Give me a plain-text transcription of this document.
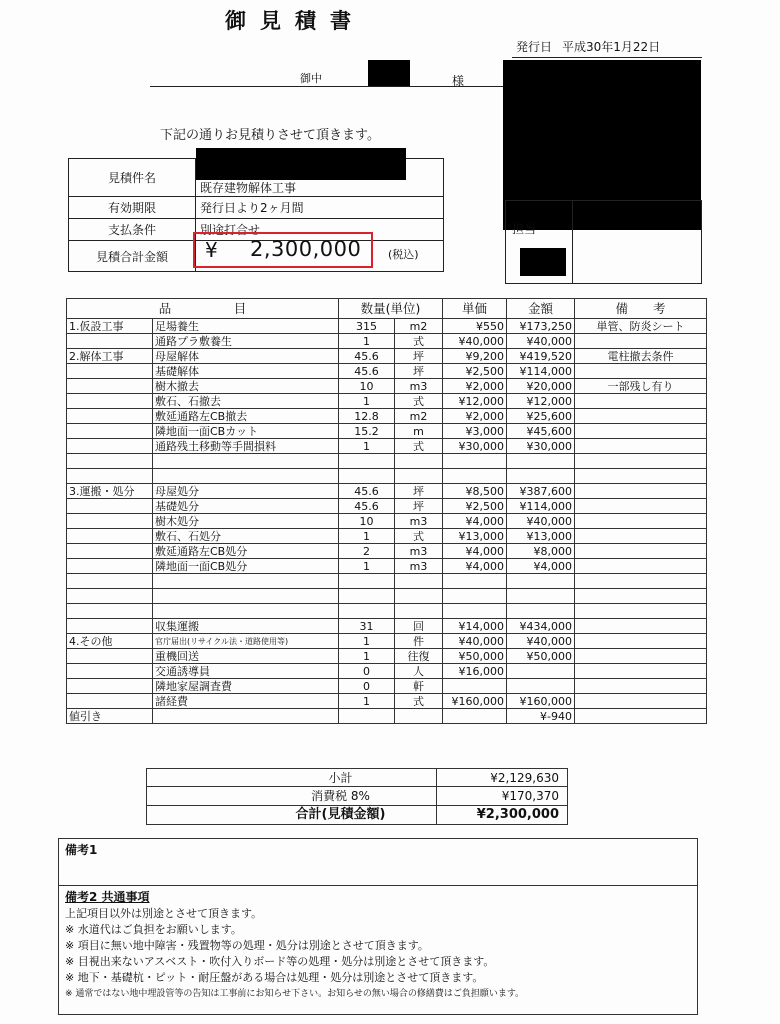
御見積書
発行日 平成30年1月22日
御中	様
下記の通りお見積りさせて頂きます。
見積件名
既存建物解体工事
有効期限	発行日より2ヶ月間
支払条件	別途打合せ
見積合計金額	¥ 2,300,000 (税込)
担当
品　　　　　 目		数量(単位)		単価	金額	備　　 考
1.仮設工事	足場養生	315	m2	¥550	¥173,250	単管、防炎シート
	通路プラ敷養生	1	式	¥40,000	¥40,000	
2.解体工事	母屋解体	45.6	坪	¥9,200	¥419,520	電柱撤去条件
	基礎解体	45.6	坪	¥2,500	¥114,000	
	樹木撤去	10	m3	¥2,000	¥20,000	一部残し有り
	敷石、石撤去	1	式	¥12,000	¥12,000	
	敷延通路左CB撤去	12.8	m2	¥2,000	¥25,600	
	隣地面一面CBカット	15.2	m	¥3,000	¥45,600	
	通路残土移動等手間損料	1	式	¥30,000	¥30,000	

3.運搬・処分	母屋処分	45.6	坪	¥8,500	¥387,600	
	基礎処分	45.6	坪	¥2,500	¥114,000	
	樹木処分	10	m3	¥4,000	¥40,000	
	敷石、石処分	1	式	¥13,000	¥13,000	
	敷延通路左CB処分	2	m3	¥4,000	¥8,000	
	隣地面一面CB処分	1	m3	¥4,000	¥4,000	

	収集運搬	31	回	¥14,000	¥434,000	
4.その他	官庁届出(リサイクル法・道路使用等)	1	件	¥40,000	¥40,000	
	重機回送	1	往復	¥50,000	¥50,000	
	交通誘導員	0	人	¥16,000		
	隣地家屋調査費	0	軒			
	諸経費	1	式	¥160,000	¥160,000	
値引き					¥-940	
小計	¥2,129,630
消費税 8%	¥170,370
合計(見積金額)	¥2,300,000
備考1
備考2 共通事項
上記項目以外は別途とさせて頂きます。
※ 水道代はご負担をお願いします。
※ 項目に無い地中障害・残置物等の処理・処分は別途とさせて頂きます。
※ 目視出来ないアスベスト・吹付入りボード等の処理・処分は別途とさせて頂きます。
※ 地下・基礎杭・ピット・耐圧盤がある場合は処理・処分は別途とさせて頂きます。
※ 通常ではない地中埋設管等の告知は工事前にお知らせ下さい。お知らせの無い場合の修繕費はご負担願います。
